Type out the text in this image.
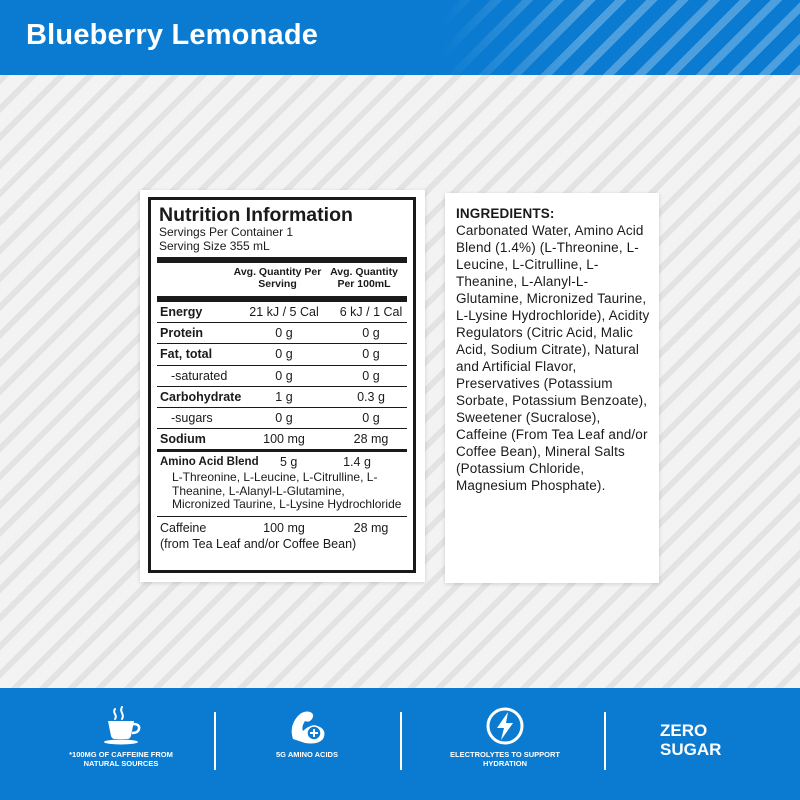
Blueberry Lemonade
Nutrition Information
Servings Per Container 1
Serving Size 355 mL
Avg. Quantity Per Serving
Avg. Quantity Per 100mL
Energy	21 kJ / 5 Cal	6 kJ / 1 Cal
Protein	0 g	0 g
Fat, total	0 g	0 g
-saturated	0 g	0 g
Carbohydrate	1 g	0.3 g
-sugars	0 g	0 g
Sodium	100 mg	28 mg
Amino Acid Blend	5 g	1.4 g
L-Threonine, L-Leucine, L-Citrulline, L-Theanine, L-Alanyl-L-Glutamine, Micronized Taurine, L-Lysine Hydrochloride
Caffeine	100 mg	28 mg
(from Tea Leaf and/or Coffee Bean)
INGREDIENTS:
Carbonated Water, Amino Acid Blend (1.4%) (L-Threonine, L-Leucine, L-Citrulline, L-Theanine, L-Alanyl-L-Glutamine, Micronized Taurine, L-Lysine Hydrochloride), Acidity Regulators (Citric Acid, Malic Acid, Sodium Citrate), Natural and Artificial Flavor, Preservatives (Potassium Sorbate, Potassium Benzoate), Sweetener (Sucralose), Caffeine (From Tea Leaf and/or Coffee Bean), Mineral Salts (Potassium Chloride, Magnesium Phosphate).
*100MG OF CAFFEINE FROM NATURAL SOURCES
5G AMINO ACIDS	ELECTROLYTES TO SUPPORT HYDRATION
ZERO
SUGAR
